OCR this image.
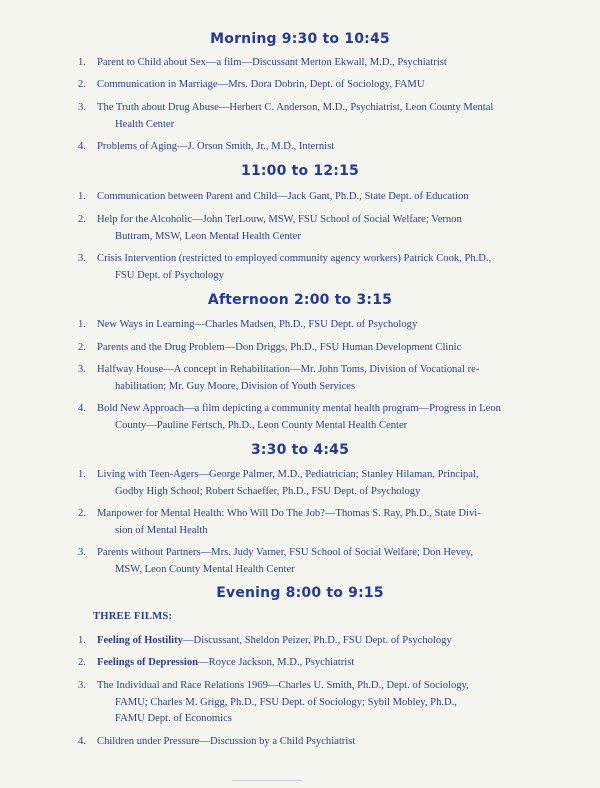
Morning 9:30 to 10:45
1.	Parent to Child about Sex—a film—Discussant Merton Ekwall, M.D., Psychiatrist
2.	Communication in Marriage—Mrs. Dora Dobrin, Dept. of Sociology, FAMU
3.	The Truth about Drug Abuse—Herbert C. Anderson, M.D., Psychiatrist, Leon County Mental
Health Center
4.	Problems of Aging—J. Orson Smith, Jr., M.D., Internist
11:00 to 12:15
1.	Communication between Parent and Child—Jack Gant, Ph.D., State Dept. of Education
2.	Help for the Alcoholic—John TerLouw, MSW, FSU School of Social Welfare; Vernon
Buttram, MSW, Leon Mental Health Center
3.	Crisis Intervention (restricted to employed community agency workers) Patrick Cook, Ph.D.,
FSU Dept. of Psychology
Afternoon 2:00 to 3:15
1.	New Ways in Learning—Charles Madsen, Ph.D., FSU Dept. of Psychology
2.	Parents and the Drug Problem—Don Driggs, Ph.D., FSU Human Development Clinic
3.	Halfway House—A concept in Rehabilitation—Mr. John Toms, Division of Vocational re-
habilitation; Mr. Guy Moore, Division of Youth Services
4.	Bold New Approach—a film depicting a community mental health program—Progress in Leon
County—Pauline Fertsch, Ph.D., Leon County Mental Health Center
3:30 to 4:45
1.	Living with Teen-Agers—George Palmer, M.D., Pediatrician; Stanley Hilaman, Principal,
Godby High School; Robert Schaeffer, Ph.D., FSU Dept. of Psychology
2.	Manpower for Mental Health: Who Will Do The Job?—Thomas S. Ray, Ph.D., State Divi-
sion of Mental Health
3.	Parents without Partners—Mrs. Judy Varner, FSU School of Social Welfare; Don Hevey,
MSW, Leon County Mental Health Center
Evening 8:00 to 9:15
THREE FILMS:
1.	Feeling of Hostility—Discussant, Sheldon Peizer, Ph.D., FSU Dept. of Psychology
2.	Feelings of Depression—Royce Jackson, M.D., Psychiatrist
3.	The Individual and Race Relations 1969—Charles U. Smith, Ph.D., Dept. of Sociology,
FAMU; Charles M. Grigg, Ph.D., FSU Dept. of Sociology; Sybil Mobley, Ph.D.,
FAMU Dept. of Economics
4.	Children under Pressure—Discussion by a Child Psychiatrist
